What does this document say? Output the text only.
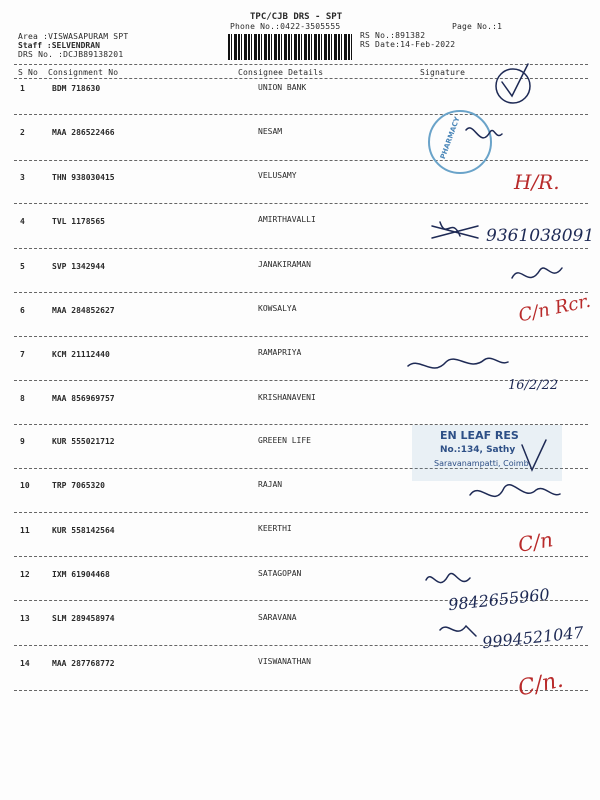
TPC/CJB DRS - SPT
Phone No.:0422-3505555	Page No.:1
Area :VISWASAPURAM SPT
Staff :SELVENDRAN
DRS No. :DCJB89138201
RS No.:891382
RS Date:14-Feb-2022
S No Consignment No	Consignee Details	Signature
1	BDM 718630	UNION BANK
2	MAA 286522466	NESAM
3	THN 938030415	VELUSAMY
4	TVL 1178565	AMIRTHAVALLI
5	SVP 1342944	JANAKIRAMAN
6	MAA 284852627	KOWSALYA
7	KCM 21112440	RAMAPRIYA
8	MAA 856969757	KRISHANAVENI
9	KUR 555021712	GREEEN LIFE
10	TRP 7065320	RAJAN
11	KUR 558142564	KEERTHI
12	IXM 61904468	SATAGOPAN
13	SLM 289458974	SARAVANA
14	MAA 287768772	VISWANATHAN
PHARMACY
EN LEAF RES
No.:134, Sathy
Saravanampatti, Coimb
H/R.
9361038091
C/n Rcr.
16/2/22
C/n
9842655960
9994521047
C/n.
